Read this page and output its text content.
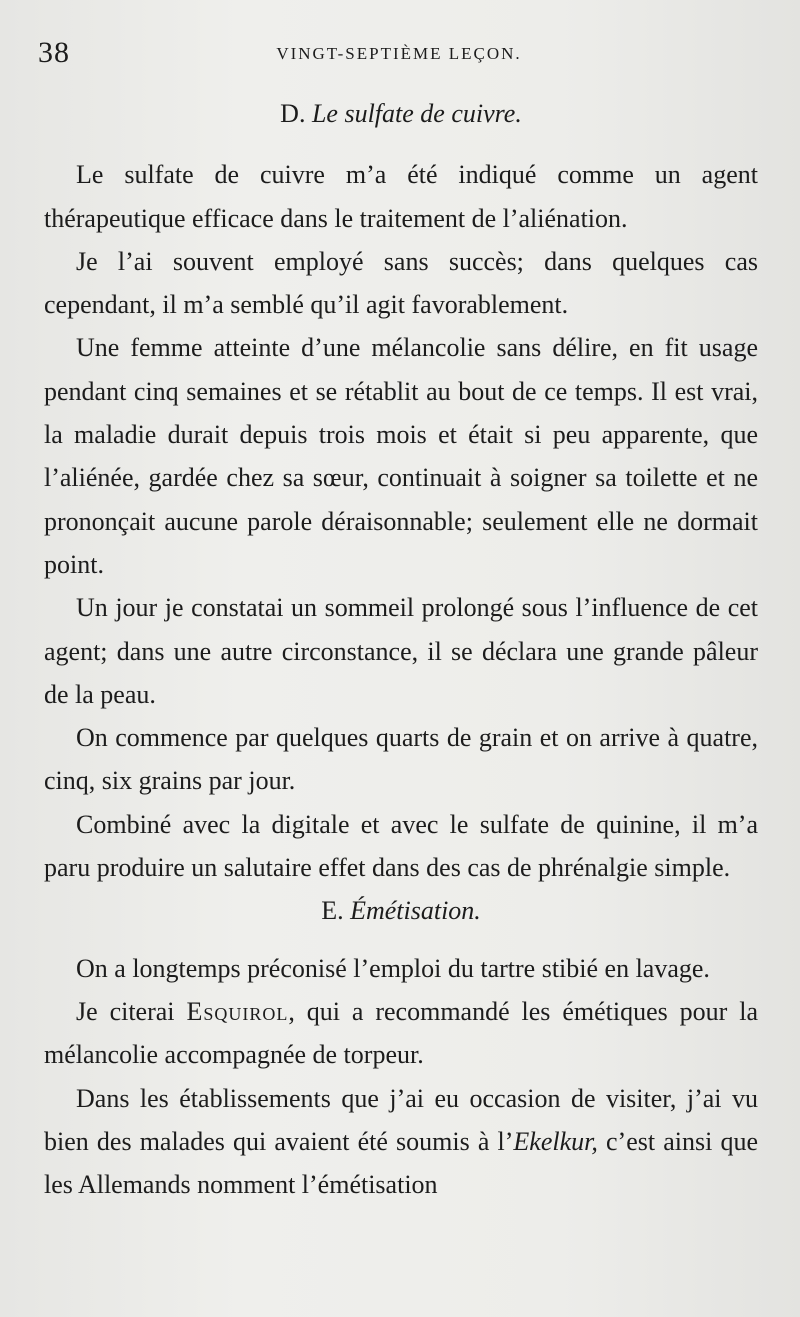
38	VINGT-SEPTIÈME LEÇON.
D. Le sulfate de cuivre.

Le sulfate de cuivre m’a été indiqué comme un agent thérapeutique efficace dans le traitement de l’aliénation.

Je l’ai souvent employé sans succès; dans quelques cas cependant, il m’a semblé qu’il agit favorablement.

Une femme atteinte d’une mélancolie sans délire, en fit usage pendant cinq semaines et se rétablit au bout de ce temps. Il est vrai, la maladie durait depuis trois mois et était si peu apparente, que l’aliénée, gardée chez sa sœur, continuait à soigner sa toilette et ne prononçait aucune parole déraisonnable; seulement elle ne dormait point.

Un jour je constatai un sommeil prolongé sous l’influence de cet agent; dans une autre circonstance, il se déclara une grande pâleur de la peau.

On commence par quelques quarts de grain et on arrive à quatre, cinq, six grains par jour.

Combiné avec la digitale et avec le sulfate de quinine, il m’a paru produire un salutaire effet dans des cas de phrénalgie simple.

E. Émétisation.

On a longtemps préconisé l’emploi du tartre stibié en lavage.

Je citerai Esquirol, qui a recommandé les émétiques pour la mélancolie accompagnée de torpeur.

Dans les établissements que j’ai eu occasion de visiter, j’ai vu bien des malades qui avaient été soumis à l’Ekelkur, c’est ainsi que les Allemands nomment l’émétisation
